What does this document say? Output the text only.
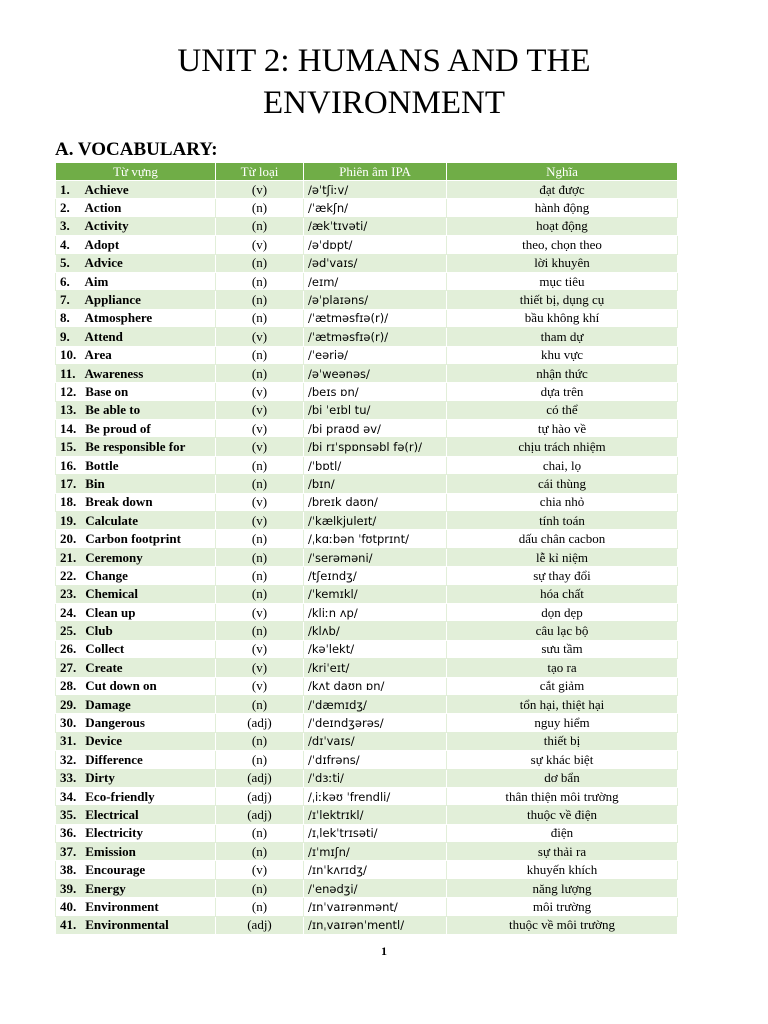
UNIT 2: HUMANS AND THE
ENVIRONMENT
A. VOCABULARY:
Từ vựng	Từ loại	Phiên âm IPA	Nghĩa
1. Achieve	(v)	/əˈtʃiːv/	đạt được
2. Action	(n)	/ˈækʃn/	hành động
3. Activity	(n)	/ækˈtɪvəti/	hoạt động
4. Adopt	(v)	/əˈdɒpt/	theo, chọn theo
5. Advice	(n)	/ədˈvaɪs/	lời khuyên
6. Aim	(n)	/eɪm/	mục tiêu
7. Appliance	(n)	/əˈplaɪəns/	thiết bị, dụng cụ
8. Atmosphere	(n)	/ˈætməsfɪə(r)/	bầu không khí
9. Attend	(v)	/ˈætməsfɪə(r)/	tham dự
10. Area	(n)	/ˈeəriə/	khu vực
11. Awareness	(n)	/əˈweənəs/	nhận thức
12. Base on	(v)	/beɪs ɒn/	dựa trên
13. Be able to	(v)	/bi ˈeɪbl tu/	có thể
14. Be proud of	(v)	/bi praʊd əv/	tự hào về
15. Be responsible for	(v)	/bi rɪˈspɒnsəbl fə(r)/	chịu trách nhiệm
16. Bottle	(n)	/ˈbɒtl/	chai, lọ
17. Bin	(n)	/bɪn/	cái thùng
18. Break down	(v)	/breɪk daʊn/	chia nhỏ
19. Calculate	(v)	/ˈkælkjuleɪt/	tính toán
20. Carbon footprint	(n)	/ˌkɑːbən ˈfʊtprɪnt/	dấu chân cacbon
21. Ceremony	(n)	/ˈserəməni/	lễ kỉ niệm
22. Change	(n)	/tʃeɪndʒ/	sự thay đổi
23. Chemical	(n)	/ˈkemɪkl/	hóa chất
24. Clean up	(v)	/kliːn ʌp/	dọn dẹp
25. Club	(n)	/klʌb/	câu lạc bộ
26. Collect	(v)	/kəˈlekt/	sưu tầm
27. Create	(v)	/kriˈeɪt/	tạo ra
28. Cut down on	(v)	/kʌt daʊn ɒn/	cắt giảm
29. Damage	(n)	/ˈdæmɪdʒ/	tổn hại, thiệt hại
30. Dangerous	(adj)	/ˈdeɪndʒərəs/	nguy hiểm
31. Device	(n)	/dɪˈvaɪs/	thiết bị
32. Difference	(n)	/ˈdɪfrəns/	sự khác biệt
33. Dirty	(adj)	/ˈdɜːti/	dơ bẩn
34. Eco-friendly	(adj)	/ˌiːkəʊ ˈfrendli/	thân thiện môi trường
35. Electrical	(adj)	/ɪˈlektrɪkl/	thuộc về điện
36. Electricity	(n)	/ɪˌlekˈtrɪsəti/	điện
37. Emission	(n)	/ɪˈmɪʃn/	sự thải ra
38. Encourage	(v)	/ɪnˈkʌrɪdʒ/	khuyến khích
39. Energy	(n)	/ˈenədʒi/	năng lượng
40. Environment	(n)	/ɪnˈvaɪrənmənt/	môi trường
41. Environmental	(adj)	/ɪnˌvaɪrənˈmentl/	thuộc về môi trường
1
